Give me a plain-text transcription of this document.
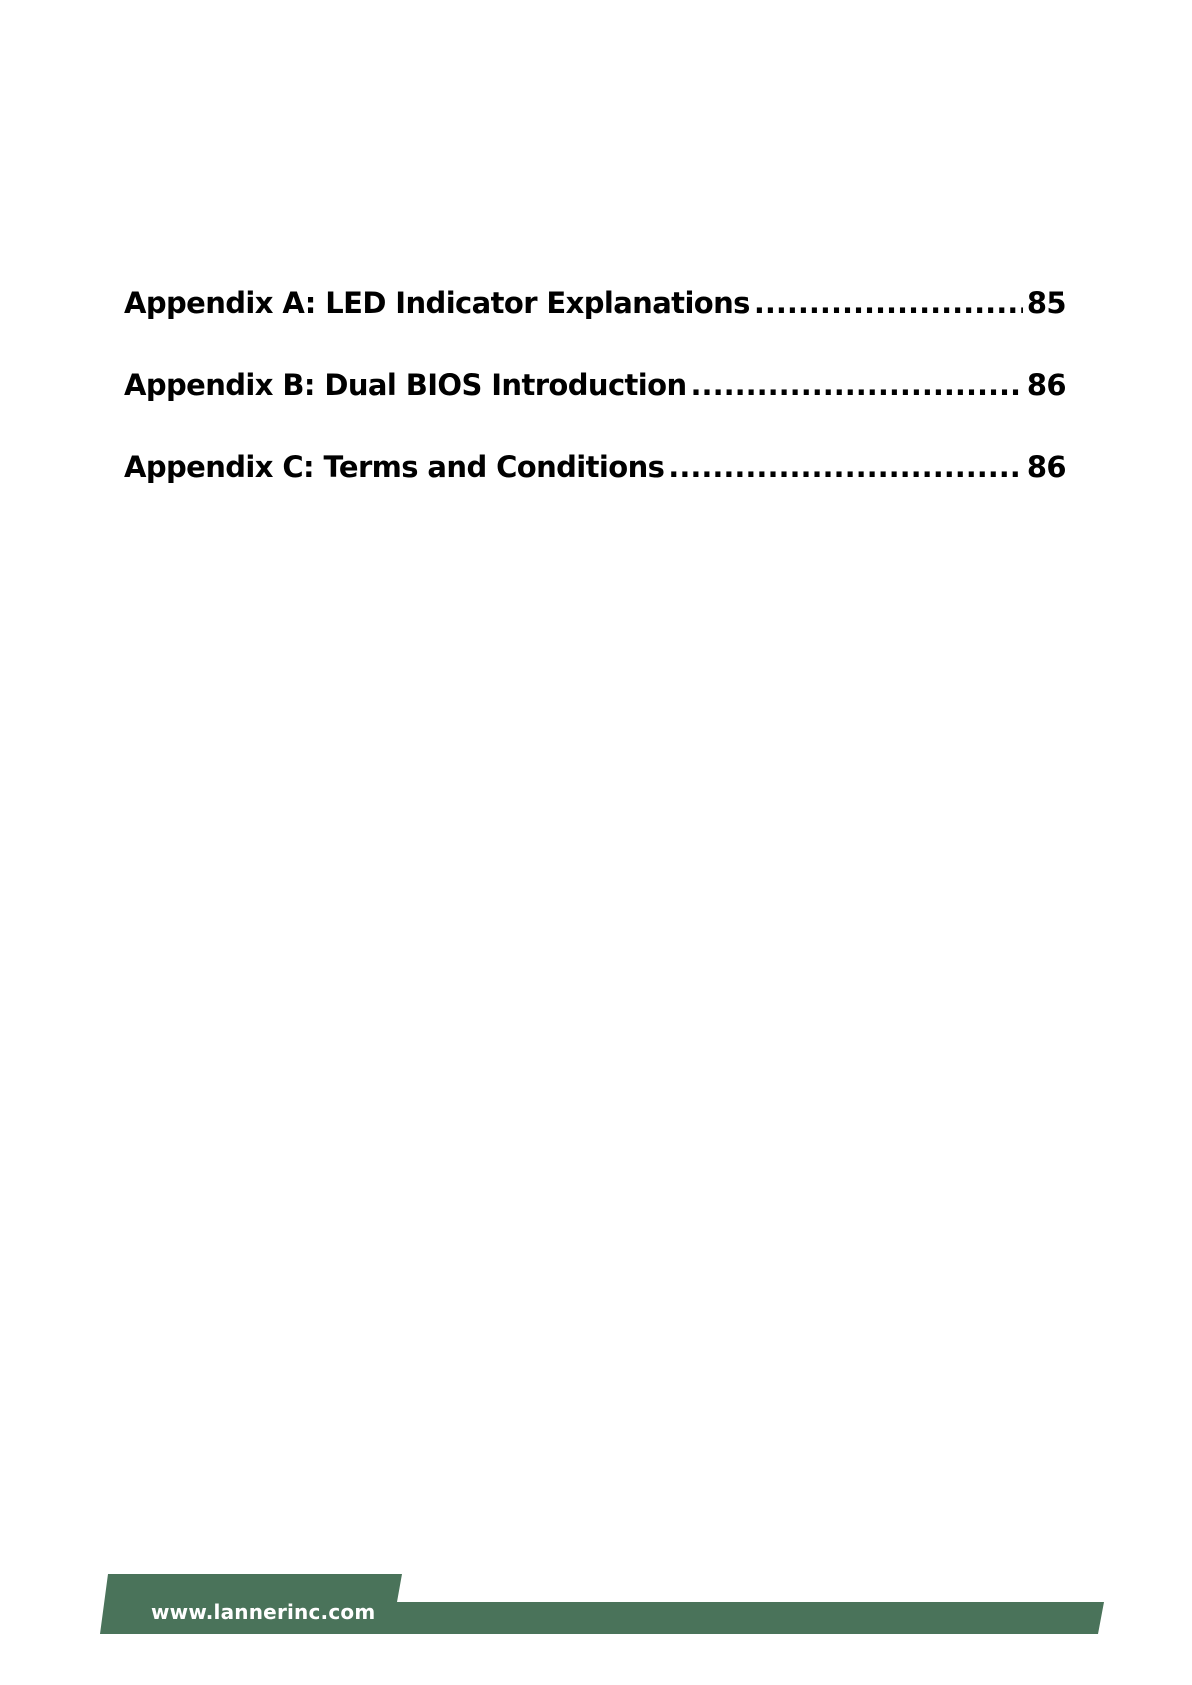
Appendix A: LED Indicator Explanations .....	85
Appendix B: Dual BIOS Introduction .....	86
Appendix C: Terms and Conditions .....	86
www.lannerinc.com
